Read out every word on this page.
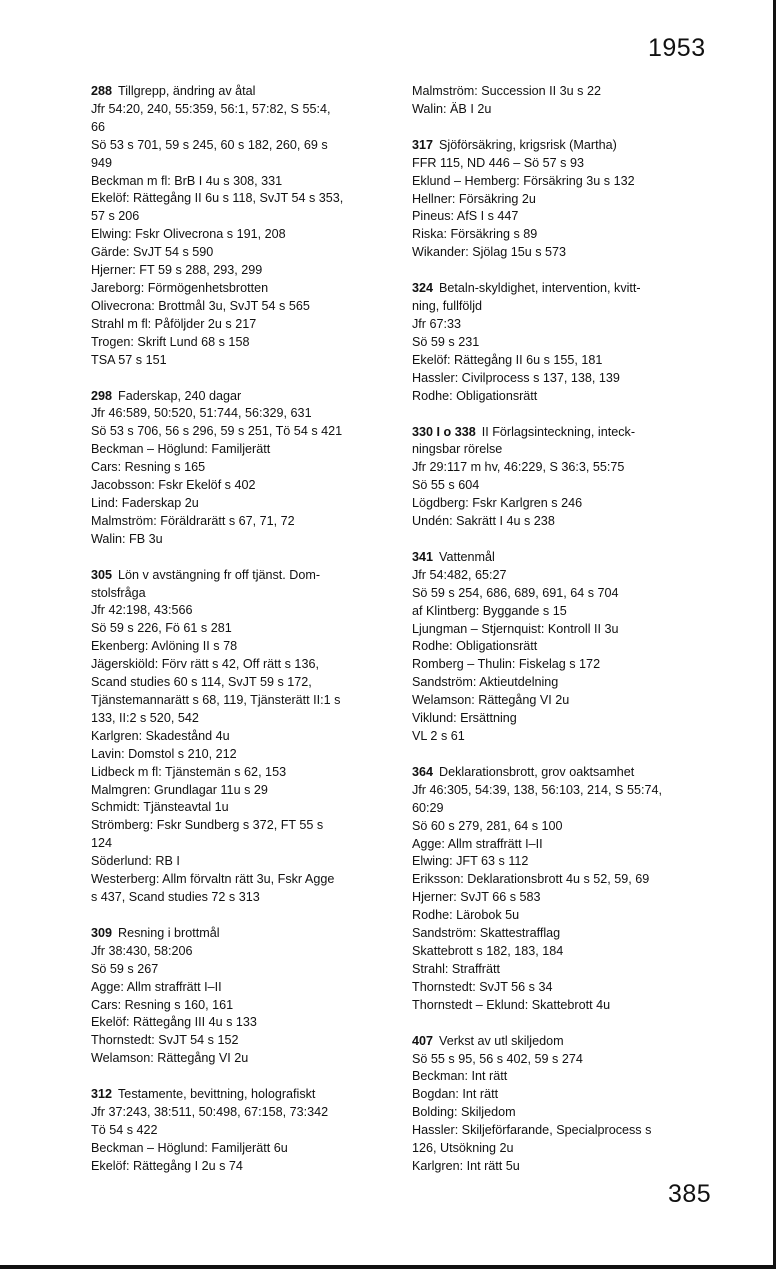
1953
288 Tillgrepp, ändring av åtal
Jfr 54:20, 240, 55:359, 56:1, 57:82, S 55:4,
66
Sö 53 s 701, 59 s 245, 60 s 182, 260, 69 s
949
Beckman m fl: BrB I 4u s 308, 331
Ekelöf: Rättegång II 6u s 118, SvJT 54 s 353,
57 s 206
Elwing: Fskr Olivecrona s 191, 208
Gärde: SvJT 54 s 590
Hjerner: FT 59 s 288, 293, 299
Jareborg: Förmögenhetsbrotten
Olivecrona: Brottmål 3u, SvJT 54 s 565
Strahl m fl: Påföljder 2u s 217
Trogen: Skrift Lund 68 s 158
TSA 57 s 151
298 Faderskap, 240 dagar
Jfr 46:589, 50:520, 51:744, 56:329, 631
Sö 53 s 706, 56 s 296, 59 s 251, Tö 54 s 421
Beckman – Höglund: Familjerätt
Cars: Resning s 165
Jacobsson: Fskr Ekelöf s 402
Lind: Faderskap 2u
Malmström: Föräldrarätt s 67, 71, 72
Walin: FB 3u
305 Lön v avstängning fr off tjänst. Dom-
stolsfråga
Jfr 42:198, 43:566
Sö 59 s 226, Fö 61 s 281
Ekenberg: Avlöning II s 78
Jägerskiöld: Förv rätt s 42, Off rätt s 136,
Scand studies 60 s 114, SvJT 59 s 172,
Tjänstemannarätt s 68, 119, Tjänsterätt II:1 s
133, II:2 s 520, 542
Karlgren: Skadestånd 4u
Lavin: Domstol s 210, 212
Lidbeck m fl: Tjänstemän s 62, 153
Malmgren: Grundlagar 11u s 29
Schmidt: Tjänsteavtal 1u
Strömberg: Fskr Sundberg s 372, FT 55 s
124
Söderlund: RB I
Westerberg: Allm förvaltn rätt 3u, Fskr Agge
s 437, Scand studies 72 s 313
309 Resning i brottmål
Jfr 38:430, 58:206
Sö 59 s 267
Agge: Allm straffrätt I–II
Cars: Resning s 160, 161
Ekelöf: Rättegång III 4u s 133
Thornstedt: SvJT 54 s 152
Welamson: Rättegång VI 2u
312 Testamente, bevittning, holografiskt
Jfr 37:243, 38:511, 50:498, 67:158, 73:342
Tö 54 s 422
Beckman – Höglund: Familjerätt 6u
Ekelöf: Rättegång I 2u s 74
Malmström: Succession II 3u s 22
Walin: ÄB I 2u
317 Sjöförsäkring, krigsrisk (Martha)
FFR 115, ND 446 – Sö 57 s 93
Eklund – Hemberg: Försäkring 3u s 132
Hellner: Försäkring 2u
Pineus: AfS I s 447
Riska: Försäkring s 89
Wikander: Sjölag 15u s 573
324 Betaln-skyldighet, intervention, kvitt-
ning, fullföljd
Jfr 67:33
Sö 59 s 231
Ekelöf: Rättegång II 6u s 155, 181
Hassler: Civilprocess s 137, 138, 139
Rodhe: Obligationsrätt
330 I o 338 II Förlagsinteckning, inteck-
ningsbar rörelse
Jfr 29:117 m hv, 46:229, S 36:3, 55:75
Sö 55 s 604
Lögdberg: Fskr Karlgren s 246
Undén: Sakrätt I 4u s 238
341 Vattenmål
Jfr 54:482, 65:27
Sö 59 s 254, 686, 689, 691, 64 s 704
af Klintberg: Byggande s 15
Ljungman – Stjernquist: Kontroll II 3u
Rodhe: Obligationsrätt
Romberg – Thulin: Fiskelag s 172
Sandström: Aktieutdelning
Welamson: Rättegång VI 2u
Viklund: Ersättning
VL 2 s 61
364 Deklarationsbrott, grov oaktsamhet
Jfr 46:305, 54:39, 138, 56:103, 214, S 55:74,
60:29
Sö 60 s 279, 281, 64 s 100
Agge: Allm straffrätt I–II
Elwing: JFT 63 s 112
Eriksson: Deklarationsbrott 4u s 52, 59, 69
Hjerner: SvJT 66 s 583
Rodhe: Lärobok 5u
Sandström: Skattestrafflag
Skattebrott s 182, 183, 184
Strahl: Straffrätt
Thornstedt: SvJT 56 s 34
Thornstedt – Eklund: Skattebrott 4u
407 Verkst av utl skiljedom
Sö 55 s 95, 56 s 402, 59 s 274
Beckman: Int rätt
Bogdan: Int rätt
Bolding: Skiljedom
Hassler: Skiljeförfarande, Specialprocess s
126, Utsökning 2u
Karlgren: Int rätt 5u
385
